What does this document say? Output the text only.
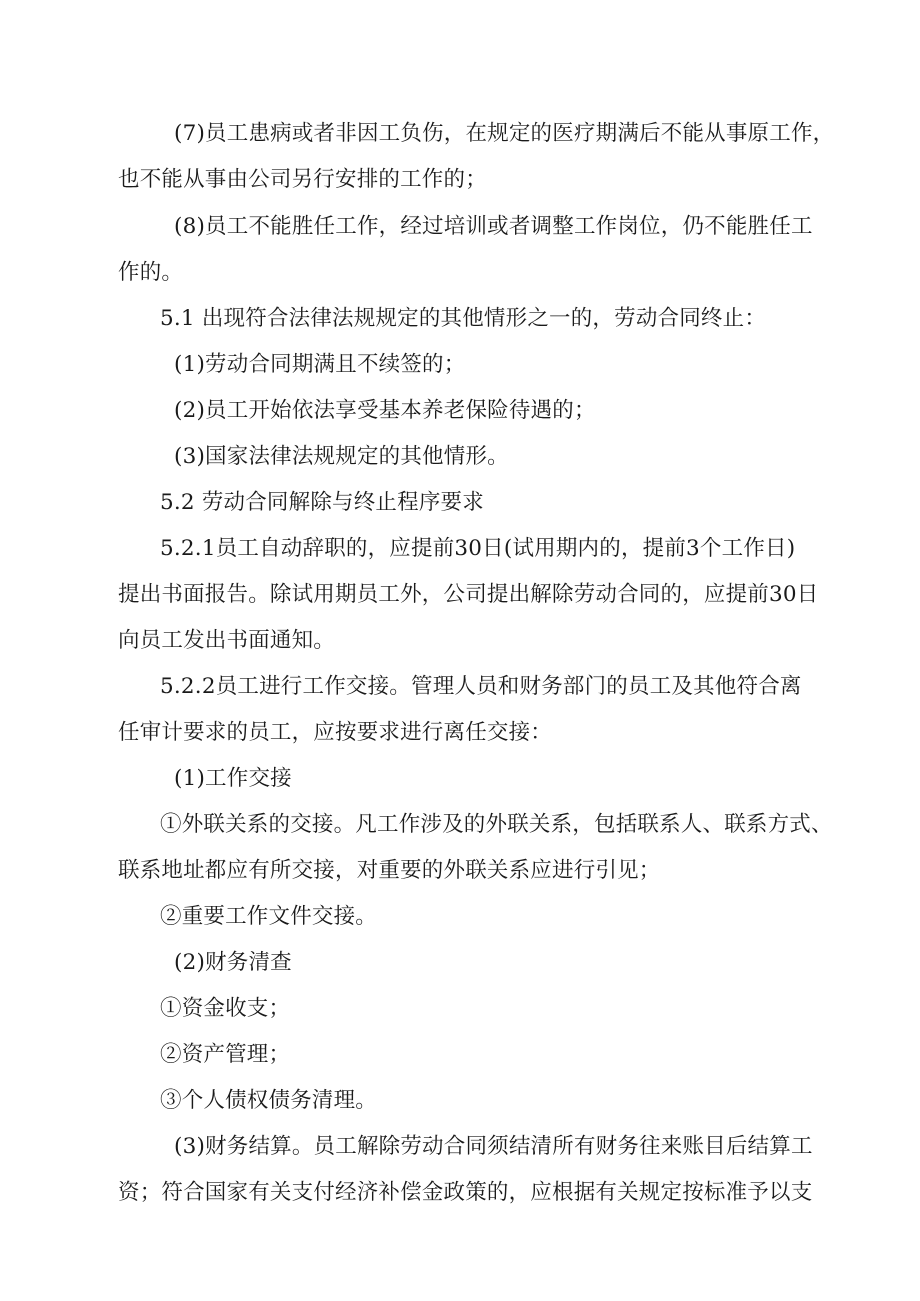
(7)员工患病或者非因工负伤，在规定的医疗期满后不能从事原工作，
也不能从事由公司另行安排的工作的；
(8)员工不能胜任工作，经过培训或者调整工作岗位，仍不能胜任工
作的。
5.1 出现符合法律法规规定的其他情形之一的，劳动合同终止：
(1)劳动合同期满且不续签的；
(2)员工开始依法享受基本养老保险待遇的；
(3)国家法律法规规定的其他情形。
5.2 劳动合同解除与终止程序要求
5.2.1员工自动辞职的，应提前30日(试用期内的，提前3个工作日)
提出书面报告。除试用期员工外，公司提出解除劳动合同的，应提前30日
向员工发出书面通知。
5.2.2员工进行工作交接。管理人员和财务部门的员工及其他符合离
任审计要求的员工，应按要求进行离任交接：
(1)工作交接
①外联关系的交接。凡工作涉及的外联关系，包括联系人、联系方式、
联系地址都应有所交接，对重要的外联关系应进行引见；
②重要工作文件交接。
(2)财务清查
①资金收支；
②资产管理；
③个人债权债务清理。
(3)财务结算。员工解除劳动合同须结清所有财务往来账目后结算工
资；符合国家有关支付经济补偿金政策的，应根据有关规定按标准予以支
